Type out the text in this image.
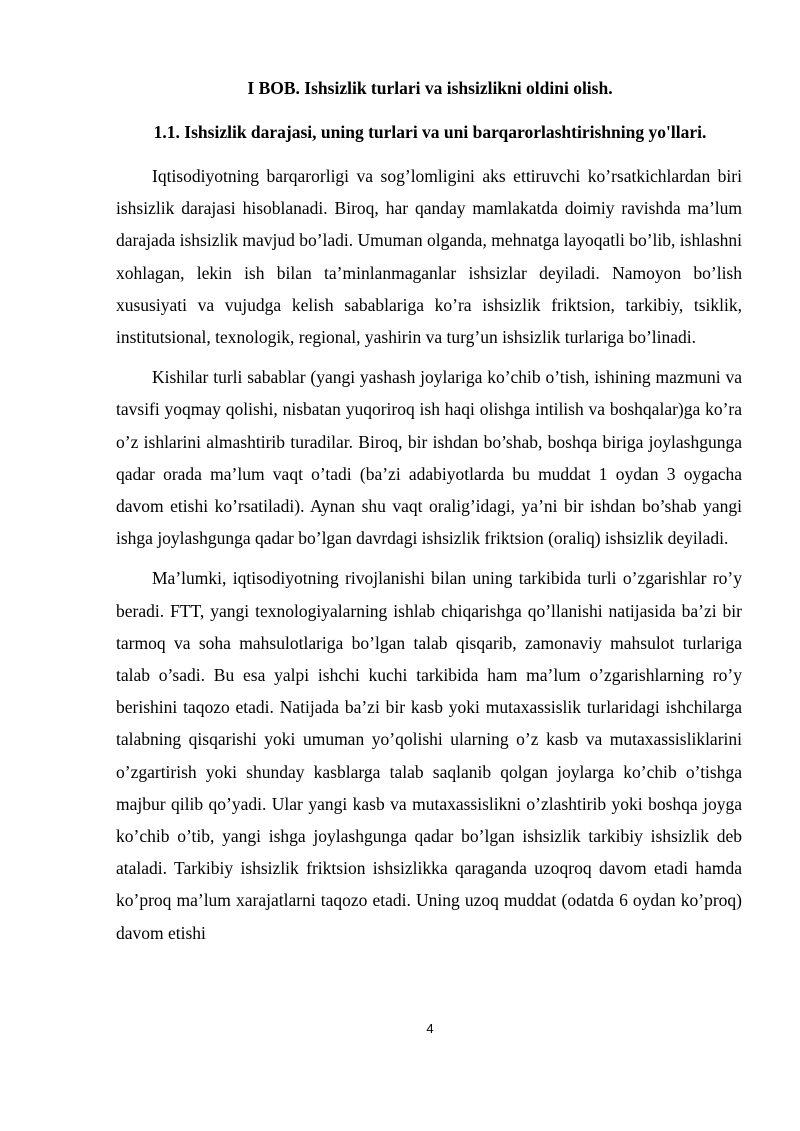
I BOB. Ishsizlik turlari va ishsizlikni oldini olish.
1.1. Ishsizlik darajasi, uning turlari va uni barqarorlashtirishning yo'llari.

Iqtisodiyotning barqarorligi va sog’lomligini aks ettiruvchi ko’rsatkichlardan biri ishsizlik darajasi hisoblanadi. Biroq, har qanday mamlakatda doimiy ravishda ma’lum darajada ishsizlik mavjud bo’ladi. Umuman olganda, mehnatga layoqatli bo’lib, ishlashni xohlagan, lekin ish bilan ta’minlanmaganlar ishsizlar deyiladi. Namoyon bo’lish xususiyati va vujudga kelish sabablariga ko’ra ishsizlik friktsion, tarkibiy, tsiklik, institutsional, texnologik, regional, yashirin va turg’un ishsizlik turlariga bo’linadi.

Kishilar turli sabablar (yangi yashash joylariga ko’chib o’tish, ishining mazmuni va tavsifi yoqmay qolishi, nisbatan yuqoriroq ish haqi olishga intilish va boshqalar)ga ko’ra o’z ishlarini almashtirib turadilar. Biroq, bir ishdan bo’shab, boshqa biriga joylashgunga qadar orada ma’lum vaqt o’tadi (ba’zi adabiyotlarda bu muddat 1 oydan 3 oygacha davom etishi ko’rsatiladi). Aynan shu vaqt oralig’idagi, ya’ni bir ishdan bo’shab yangi ishga joylashgunga qadar bo’lgan davrdagi ishsizlik friktsion (oraliq) ishsizlik deyiladi.

Ma’lumki, iqtisodiyotning rivojlanishi bilan uning tarkibida turli o’zgarishlar ro’y beradi. FTT, yangi texnologiyalarning ishlab chiqarishga qo’llanishi natijasida ba’zi bir tarmoq va soha mahsulotlariga bo’lgan talab qisqarib, zamonaviy mahsulot turlariga talab o’sadi. Bu esa yalpi ishchi kuchi tarkibida ham ma’lum o’zgarishlarning ro’y berishini taqozo etadi. Natijada ba’zi bir kasb yoki mutaxassislik turlaridagi ishchilarga talabning qisqarishi yoki umuman yo’qolishi ularning o’z kasb va mutaxassisliklarini o’zgartirish yoki shunday kasblarga talab saqlanib qolgan joylarga ko’chib o’tishga majbur qilib qo’yadi. Ular yangi kasb va mutaxassislikni o’zlashtirib yoki boshqa joyga ko’chib o’tib, yangi ishga joylashgunga qadar bo’lgan ishsizlik tarkibiy ishsizlik deb ataladi. Tarkibiy ishsizlik friktsion ishsizlikka qaraganda uzoqroq davom etadi hamda ko’proq ma’lum xarajatlarni taqozo etadi. Uning uzoq muddat (odatda 6 oydan ko’proq) davom etishi

4
